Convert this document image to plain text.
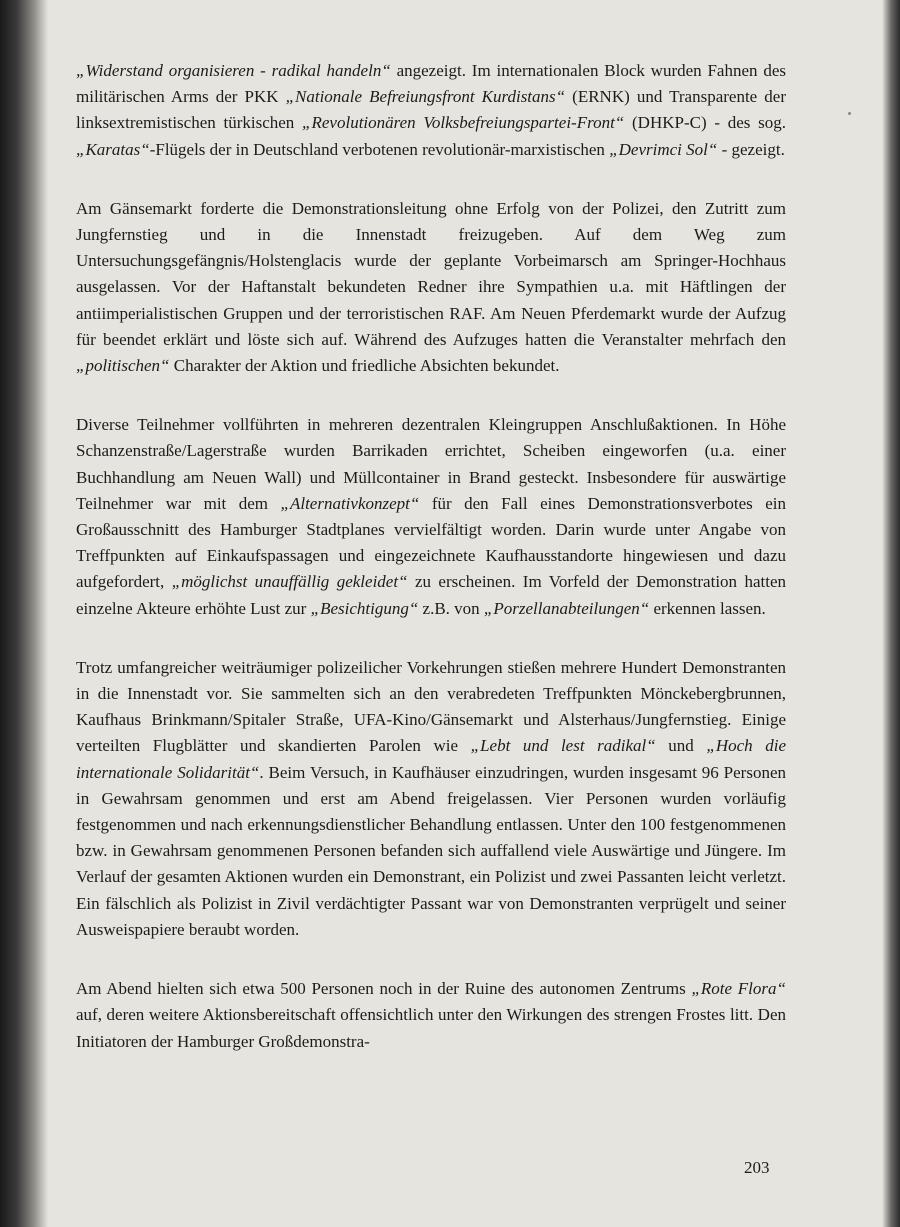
„Widerstand organisieren - radikal handeln“ angezeigt. Im internationalen Block wurden Fahnen des militärischen Arms der PKK „Nationale Befreiungsfront Kurdistans“ (ERNK) und Transparente der linksextremistischen türkischen „Revolutionären Volksbefreiungspartei-Front“ (DHKP-C) - des sog. „Karatas“-Flügels der in Deutschland verbotenen revolutionär-marxistischen „Devrimci Sol“ - gezeigt.

Am Gänsemarkt forderte die Demonstrationsleitung ohne Erfolg von der Polizei, den Zutritt zum Jungfernstieg und in die Innenstadt freizugeben. Auf dem Weg zum Untersuchungsgefängnis/Holstenglacis wurde der geplante Vorbeimarsch am Springer-Hochhaus ausgelassen. Vor der Haftanstalt bekundeten Redner ihre Sympathien u.a. mit Häftlingen der antiimperialistischen Gruppen und der terroristischen RAF. Am Neuen Pferdemarkt wurde der Aufzug für beendet erklärt und löste sich auf. Während des Aufzuges hatten die Veranstalter mehrfach den „politischen“ Charakter der Aktion und friedliche Absichten bekundet.

Diverse Teilnehmer vollführten in mehreren dezentralen Kleingruppen Anschlußaktionen. In Höhe Schanzenstraße/Lagerstraße wurden Barrikaden errichtet, Scheiben eingeworfen (u.a. einer Buchhandlung am Neuen Wall) und Müllcontainer in Brand gesteckt. Insbesondere für auswärtige Teilnehmer war mit dem „Alternativkonzept“ für den Fall eines Demonstrationsverbotes ein Großausschnitt des Hamburger Stadtplanes vervielfältigt worden. Darin wurde unter Angabe von Treffpunkten auf Einkaufspassagen und eingezeichnete Kaufhausstandorte hingewiesen und dazu aufgefordert, „möglichst unauffällig gekleidet“ zu erscheinen. Im Vorfeld der Demonstration hatten einzelne Akteure erhöhte Lust zur „Besichtigung“ z.B. von „Porzellanabteilungen“ erkennen lassen.

Trotz umfangreicher weiträumiger polizeilicher Vorkehrungen stießen mehrere Hundert Demonstranten in die Innenstadt vor. Sie sammelten sich an den verabredeten Treffpunkten Mönckebergbrunnen, Kaufhaus Brinkmann/Spitaler Straße, UFA-Kino/Gänsemarkt und Alsterhaus/Jungfernstieg. Einige verteilten Flugblätter und skandierten Parolen wie „Lebt und lest radikal“ und „Hoch die internationale Solidarität“. Beim Versuch, in Kaufhäuser einzudringen, wurden insgesamt 96 Personen in Gewahrsam genommen und erst am Abend freigelassen. Vier Personen wurden vorläufig festgenommen und nach erkennungsdienstlicher Behandlung entlassen. Unter den 100 festgenommenen bzw. in Gewahrsam genommenen Personen befanden sich auffallend viele Auswärtige und Jüngere. Im Verlauf der gesamten Aktionen wurden ein Demonstrant, ein Polizist und zwei Passanten leicht verletzt. Ein fälschlich als Polizist in Zivil verdächtigter Passant war von Demonstranten verprügelt und seiner Ausweispapiere beraubt worden.

Am Abend hielten sich etwa 500 Personen noch in der Ruine des autonomen Zentrums „Rote Flora“ auf, deren weitere Aktionsbereitschaft offensichtlich unter den Wirkungen des strengen Frostes litt. Den Initiatoren der Hamburger Großdemonstra-

203
